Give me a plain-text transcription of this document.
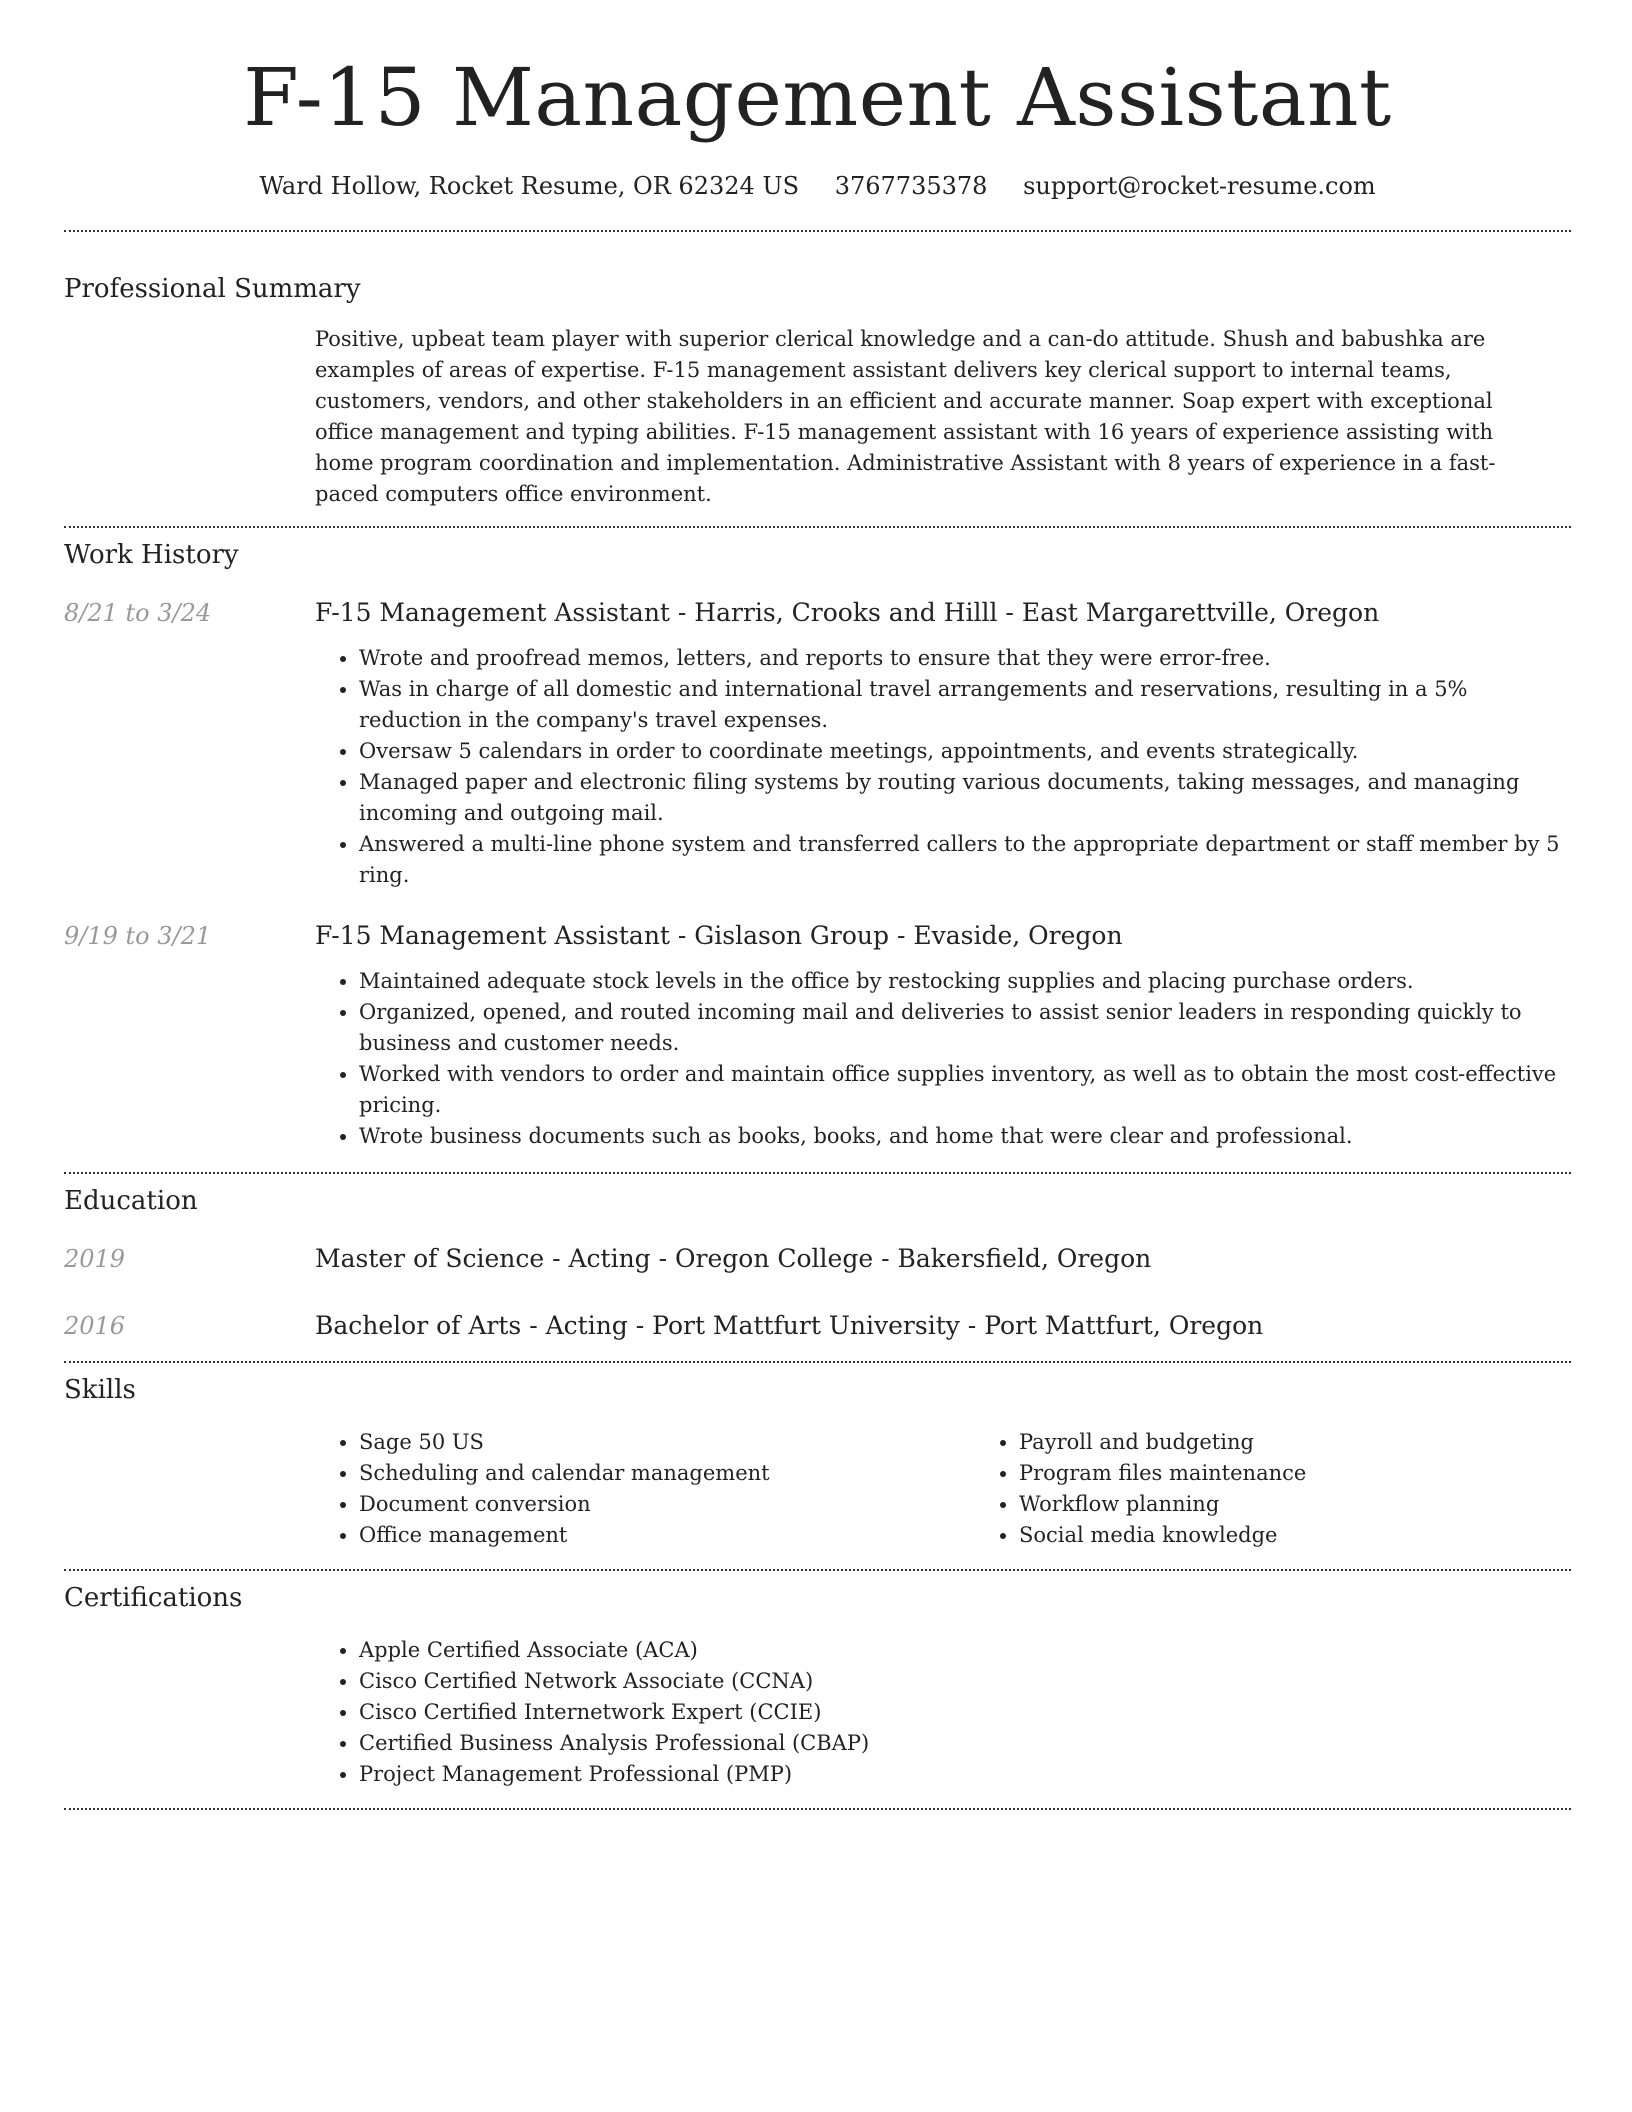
F-15 Management Assistant
Ward Hollow, Rocket Resume, OR 62324 US 3767735378 support@rocket-resume.com
Professional Summary

Positive, upbeat team player with superior clerical knowledge and a can-do attitude. Shush and babushka are examples of areas of expertise. F-15 management assistant delivers key clerical support to internal teams, customers, vendors, and other stakeholders in an efficient and accurate manner. Soap expert with exceptional office management and typing abilities. F-15 management assistant with 16 years of experience assisting with home program coordination and implementation. Administrative Assistant with 8 years of experience in a fast-paced computers office environment.

Work History
8/21 to 3/24	F-15 Management Assistant - Harris, Crooks and Hilll - East Margarettville, Oregon
• Wrote and proofread memos, letters, and reports to ensure that they were error-free.
• Was in charge of all domestic and international travel arrangements and reservations, resulting in a 5% reduction in the company's travel expenses.
• Oversaw 5 calendars in order to coordinate meetings, appointments, and events strategically.
• Managed paper and electronic filing systems by routing various documents, taking messages, and managing incoming and outgoing mail.
• Answered a multi-line phone system and transferred callers to the appropriate department or staff member by 5 ring.
9/19 to 3/21	F-15 Management Assistant - Gislason Group - Evaside, Oregon
• Maintained adequate stock levels in the office by restocking supplies and placing purchase orders.
• Organized, opened, and routed incoming mail and deliveries to assist senior leaders in responding quickly to business and customer needs.
• Worked with vendors to order and maintain office supplies inventory, as well as to obtain the most cost-effective pricing.
• Wrote business documents such as books, books, and home that were clear and professional.
Education
2019	Master of Science - Acting - Oregon College - Bakersfield, Oregon
2016	Bachelor of Arts - Acting - Port Mattfurt University - Port Mattfurt, Oregon
Skills
• Sage 50 US
• Scheduling and calendar management
• Document conversion
• Office management
• Payroll and budgeting
• Program files maintenance
• Workflow planning
• Social media knowledge
Certifications
• Apple Certified Associate (ACA)
• Cisco Certified Network Associate (CCNA)
• Cisco Certified Internetwork Expert (CCIE)
• Certified Business Analysis Professional (CBAP)
• Project Management Professional (PMP)
